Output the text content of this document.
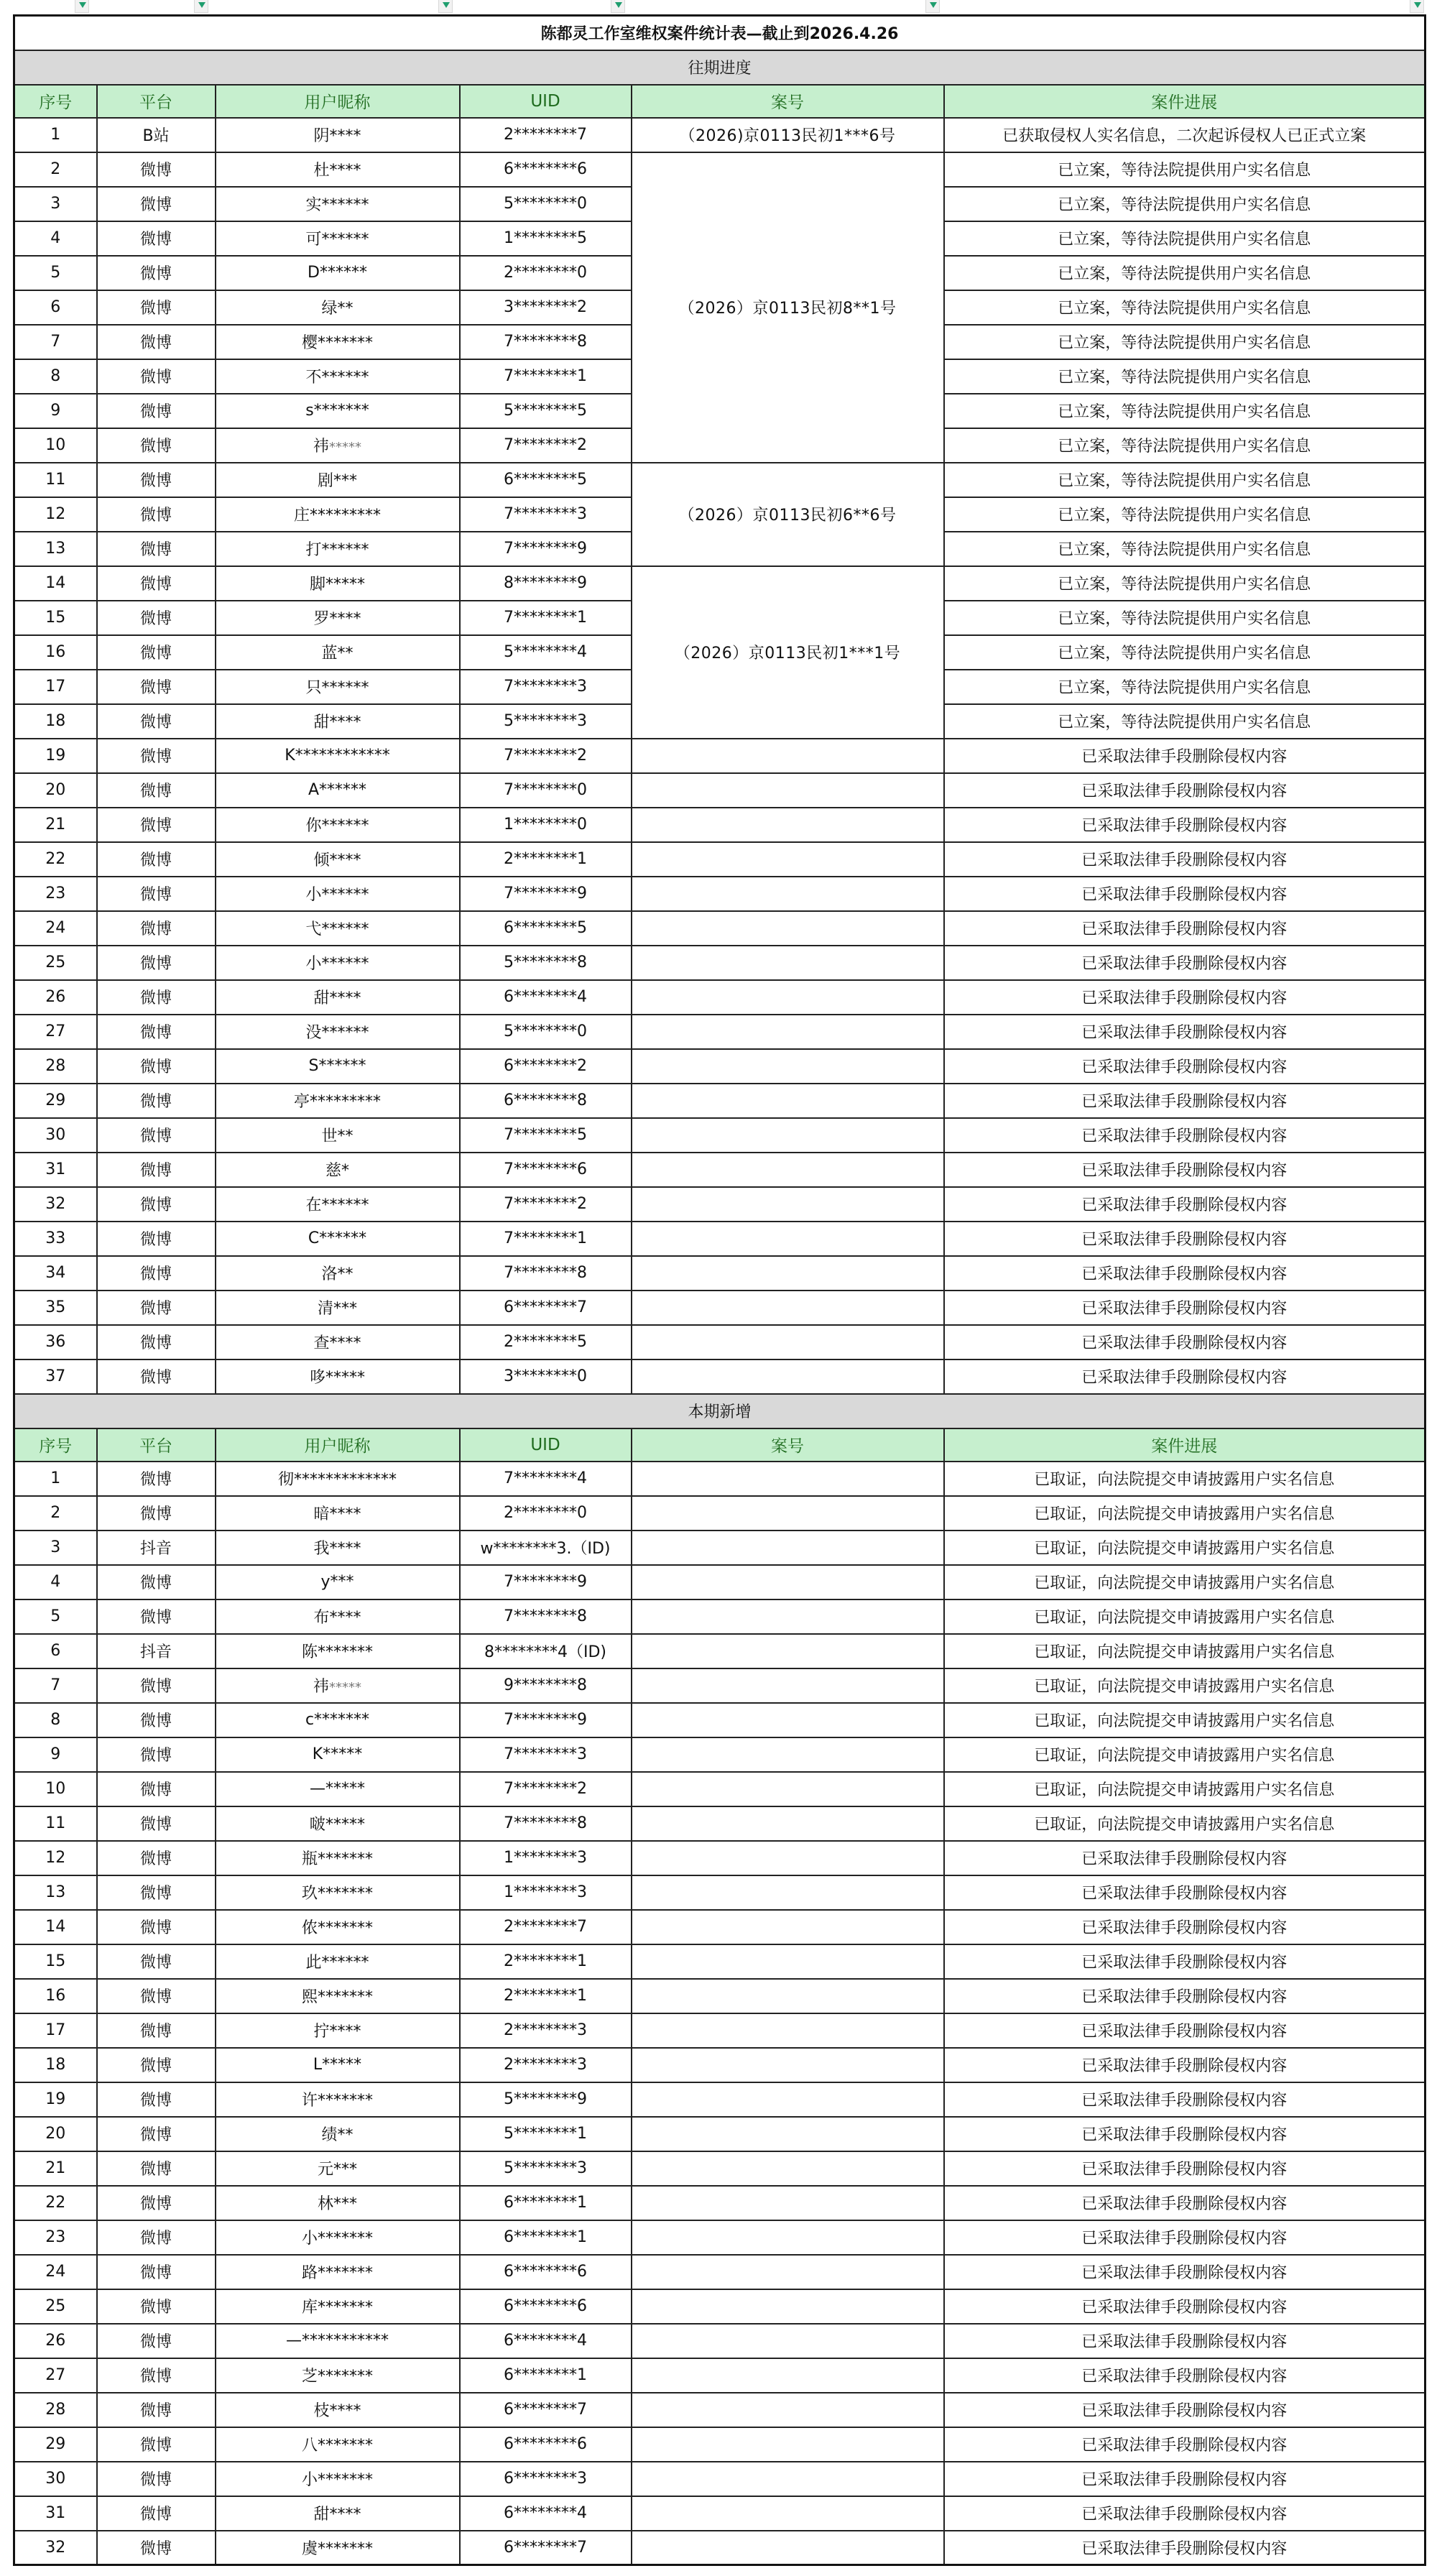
陈都灵工作室维权案件统计表—截止到2026.4.26					
往期进度					
序号	平台	用户昵称	UID	案号	案件进展
1	B站	阴****	2********7	（2026)京0113民初1***6号	已获取侵权人实名信息，二次起诉侵权人已正式立案
2	微博	杜****	6********6	（2026）京0113民初8**1号	已立案，等待法院提供用户实名信息
3	微博	实******	5********0		已立案，等待法院提供用户实名信息
4	微博	可******	1********5		已立案，等待法院提供用户实名信息
5	微博	D******	2********0		已立案，等待法院提供用户实名信息
6	微博	绿**	3********2		已立案，等待法院提供用户实名信息
7	微博	樱*******	7********8		已立案，等待法院提供用户实名信息
8	微博	不******	7********1		已立案，等待法院提供用户实名信息
9	微博	s*******	5********5		已立案，等待法院提供用户实名信息
10	微博	祎*****	7********2		已立案，等待法院提供用户实名信息
11	微博	剧***	6********5	（2026）京0113民初6**6号	已立案，等待法院提供用户实名信息
12	微博	庄*********	7********3		已立案，等待法院提供用户实名信息
13	微博	打******	7********9		已立案，等待法院提供用户实名信息
14	微博	脚*****	8********9	（2026）京0113民初1***1号	已立案，等待法院提供用户实名信息
15	微博	罗****	7********1		已立案，等待法院提供用户实名信息
16	微博	蓝**	5********4		已立案，等待法院提供用户实名信息
17	微博	只******	7********3		已立案，等待法院提供用户实名信息
18	微博	甜****	5********3		已立案，等待法院提供用户实名信息
19	微博	K************	7********2		已采取法律手段删除侵权内容
20	微博	A******	7********0		已采取法律手段删除侵权内容
21	微博	你******	1********0		已采取法律手段删除侵权内容
22	微博	倾****	2********1		已采取法律手段删除侵权内容
23	微博	小******	7********9		已采取法律手段删除侵权内容
24	微博	弋******	6********5		已采取法律手段删除侵权内容
25	微博	小******	5********8		已采取法律手段删除侵权内容
26	微博	甜****	6********4		已采取法律手段删除侵权内容
27	微博	没******	5********0		已采取法律手段删除侵权内容
28	微博	S******	6********2		已采取法律手段删除侵权内容
29	微博	亭*********	6********8		已采取法律手段删除侵权内容
30	微博	世**	7********5		已采取法律手段删除侵权内容
31	微博	慈*	7********6		已采取法律手段删除侵权内容
32	微博	在******	7********2		已采取法律手段删除侵权内容
33	微博	C******	7********1		已采取法律手段删除侵权内容
34	微博	洛**	7********8		已采取法律手段删除侵权内容
35	微博	清***	6********7		已采取法律手段删除侵权内容
36	微博	查****	2********5		已采取法律手段删除侵权内容
37	微博	哆*****	3********0		已采取法律手段删除侵权内容
本期新增					
序号	平台	用户昵称	UID	案号	案件进展
1	微博	彻*************	7********4		已取证，向法院提交申请披露用户实名信息
2	微博	暗****	2********0		已取证，向法院提交申请披露用户实名信息
3	抖音	我****	w********3.（ID)		已取证，向法院提交申请披露用户实名信息
4	微博	y***	7********9		已取证，向法院提交申请披露用户实名信息
5	微博	布****	7********8		已取证，向法院提交申请披露用户实名信息
6	抖音	陈*******	8********4（ID)		已取证，向法院提交申请披露用户实名信息
7	微博	祎*****	9********8		已取证，向法院提交申请披露用户实名信息
8	微博	c*******	7********9		已取证，向法院提交申请披露用户实名信息
9	微博	K*****	7********3		已取证，向法院提交申请披露用户实名信息
10	微博	—*****	7********2		已取证，向法院提交申请披露用户实名信息
11	微博	啵*****	7********8		已取证，向法院提交申请披露用户实名信息
12	微博	瓶*******	1********3		已采取法律手段删除侵权内容
13	微博	玖*******	1********3		已采取法律手段删除侵权内容
14	微博	侬*******	2********7		已采取法律手段删除侵权内容
15	微博	此******	2********1		已采取法律手段删除侵权内容
16	微博	熙*******	2********1		已采取法律手段删除侵权内容
17	微博	拧****	2********3		已采取法律手段删除侵权内容
18	微博	L*****	2********3		已采取法律手段删除侵权内容
19	微博	许*******	5********9		已采取法律手段删除侵权内容
20	微博	绩**	5********1		已采取法律手段删除侵权内容
21	微博	元***	5********3		已采取法律手段删除侵权内容
22	微博	林***	6********1		已采取法律手段删除侵权内容
23	微博	小*******	6********1		已采取法律手段删除侵权内容
24	微博	路*******	6********6		已采取法律手段删除侵权内容
25	微博	库*******	6********6		已采取法律手段删除侵权内容
26	微博	—***********	6********4		已采取法律手段删除侵权内容
27	微博	芝*******	6********1		已采取法律手段删除侵权内容
28	微博	枝****	6********7		已采取法律手段删除侵权内容
29	微博	八*******	6********6		已采取法律手段删除侵权内容
30	微博	小*******	6********3		已采取法律手段删除侵权内容
31	微博	甜****	6********4		已采取法律手段删除侵权内容
32	微博	虞*******	6********7		已采取法律手段删除侵权内容
